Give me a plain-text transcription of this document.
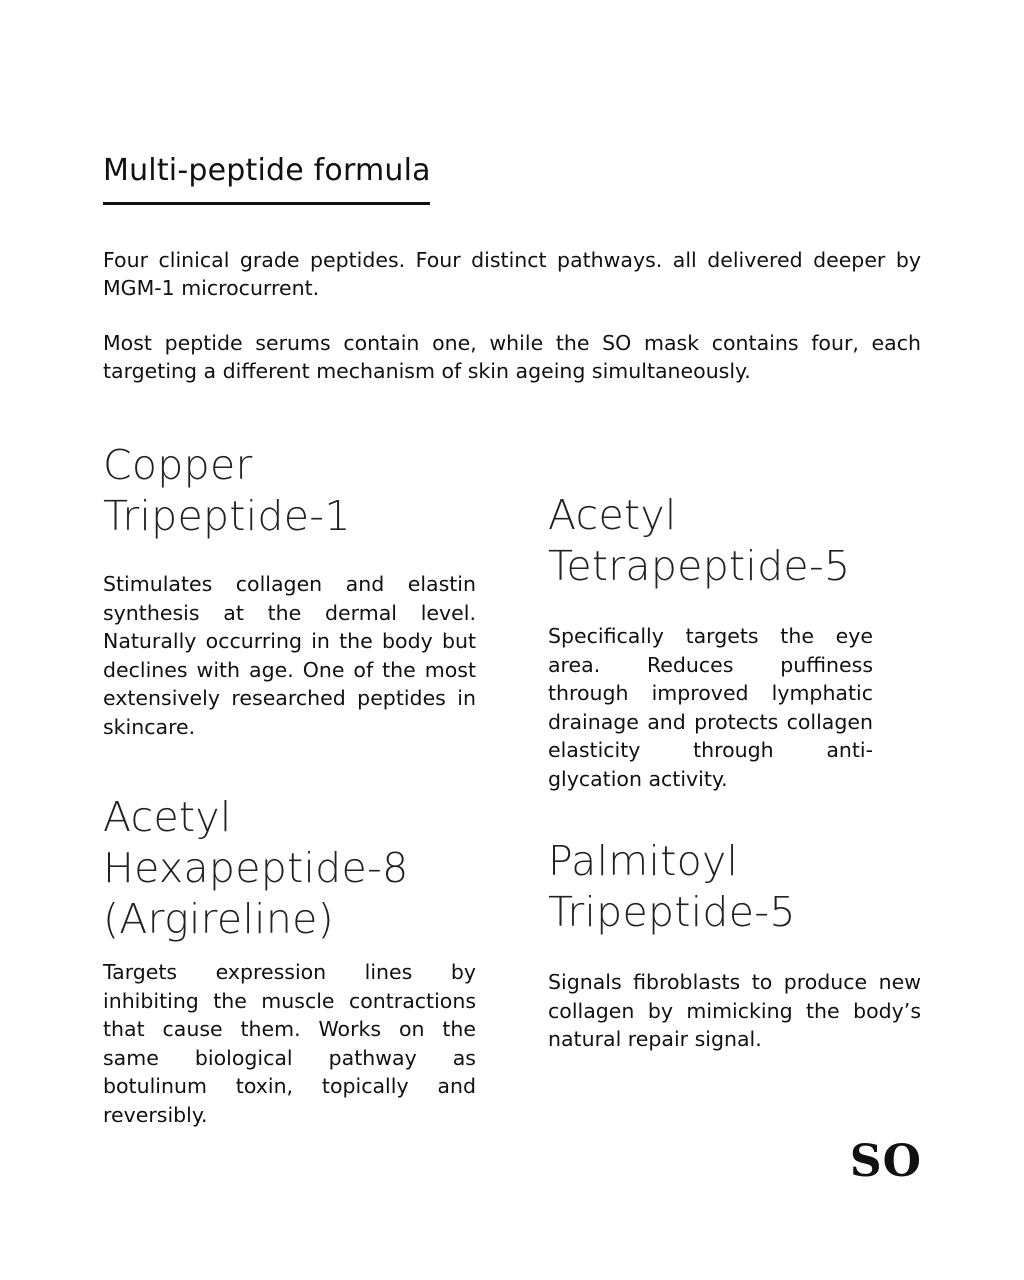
Multi-peptide formula

Four clinical grade peptides. Four distinct pathways. all delivered deeper by MGM-1 microcurrent.

Most peptide serums contain one, while the SO mask contains four, each targeting a different mechanism of skin ageing simultaneously.

Copper
Tripeptide-1

Stimulates collagen and elastin synthesis at the dermal level. Naturally occurring in the body but declines with age. One of the most extensively researched peptides in skincare.

Acetyl
Tetrapeptide-5

Specifically targets the eye area. Reduces puffiness through improved lymphatic drainage and protects collagen elasticity through anti-glycation activity.

Acetyl
Hexapeptide-8
(Argireline)

Targets expression lines by inhibiting the muscle contractions that cause them. Works on the same biological pathway as botulinum toxin, topically and reversibly.

Palmitoyl
Tripeptide-5

Signals fibroblasts to produce new collagen by mimicking the body’s natural repair signal.

SO
